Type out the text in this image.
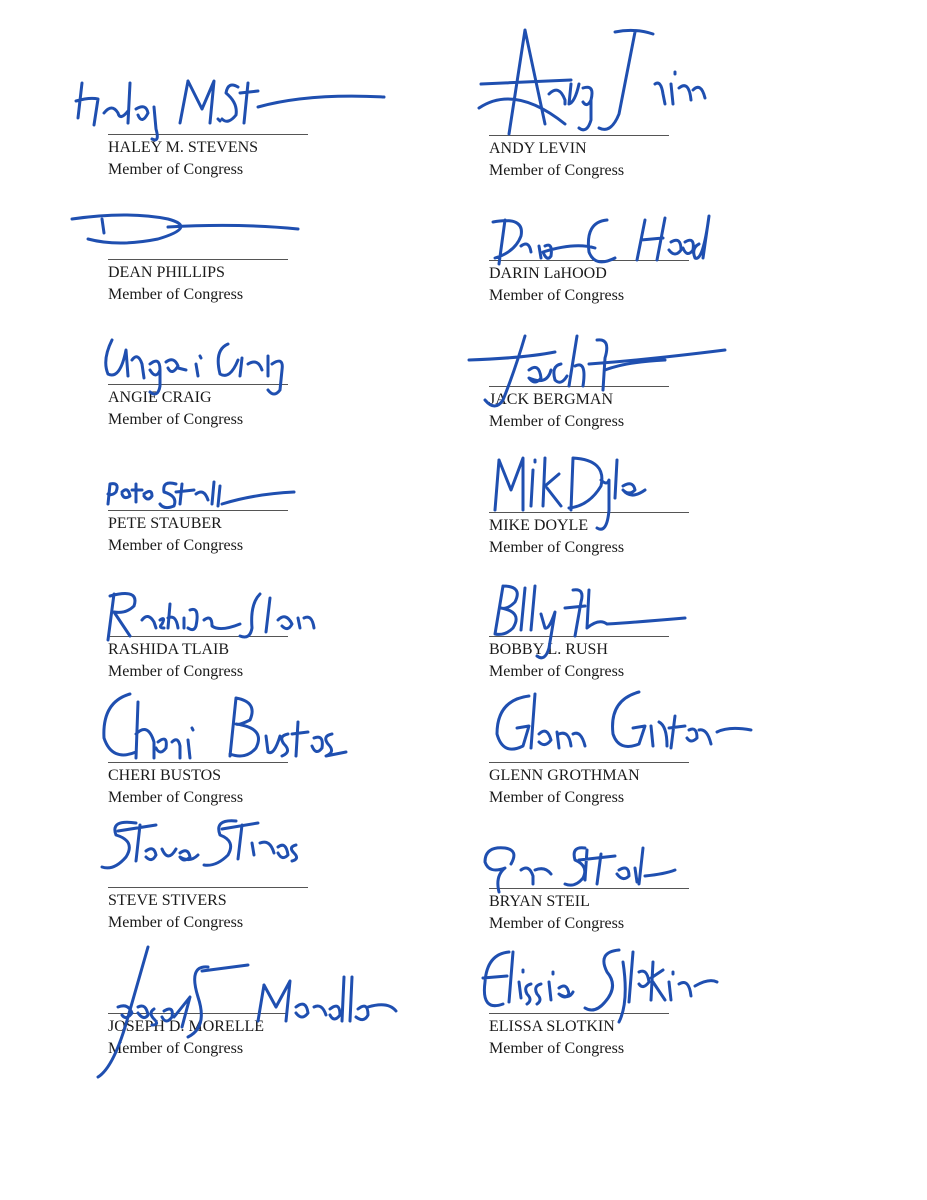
HALEY M. STEVENS
Member of Congress
DEAN PHILLIPS
Member of Congress
ANGIE CRAIG
Member of Congress
PETE STAUBER
Member of Congress
RASHIDA TLAIB
Member of Congress
CHERI BUSTOS
Member of Congress
STEVE STIVERS
Member of Congress
JOSEPH D. MORELLE
Member of Congress
ANDY LEVIN
Member of Congress
DARIN LaHOOD
Member of Congress
JACK BERGMAN
Member of Congress
MIKE DOYLE
Member of Congress
BOBBY L. RUSH
Member of Congress
GLENN GROTHMAN
Member of Congress
BRYAN STEIL
Member of Congress
ELISSA SLOTKIN
Member of Congress
